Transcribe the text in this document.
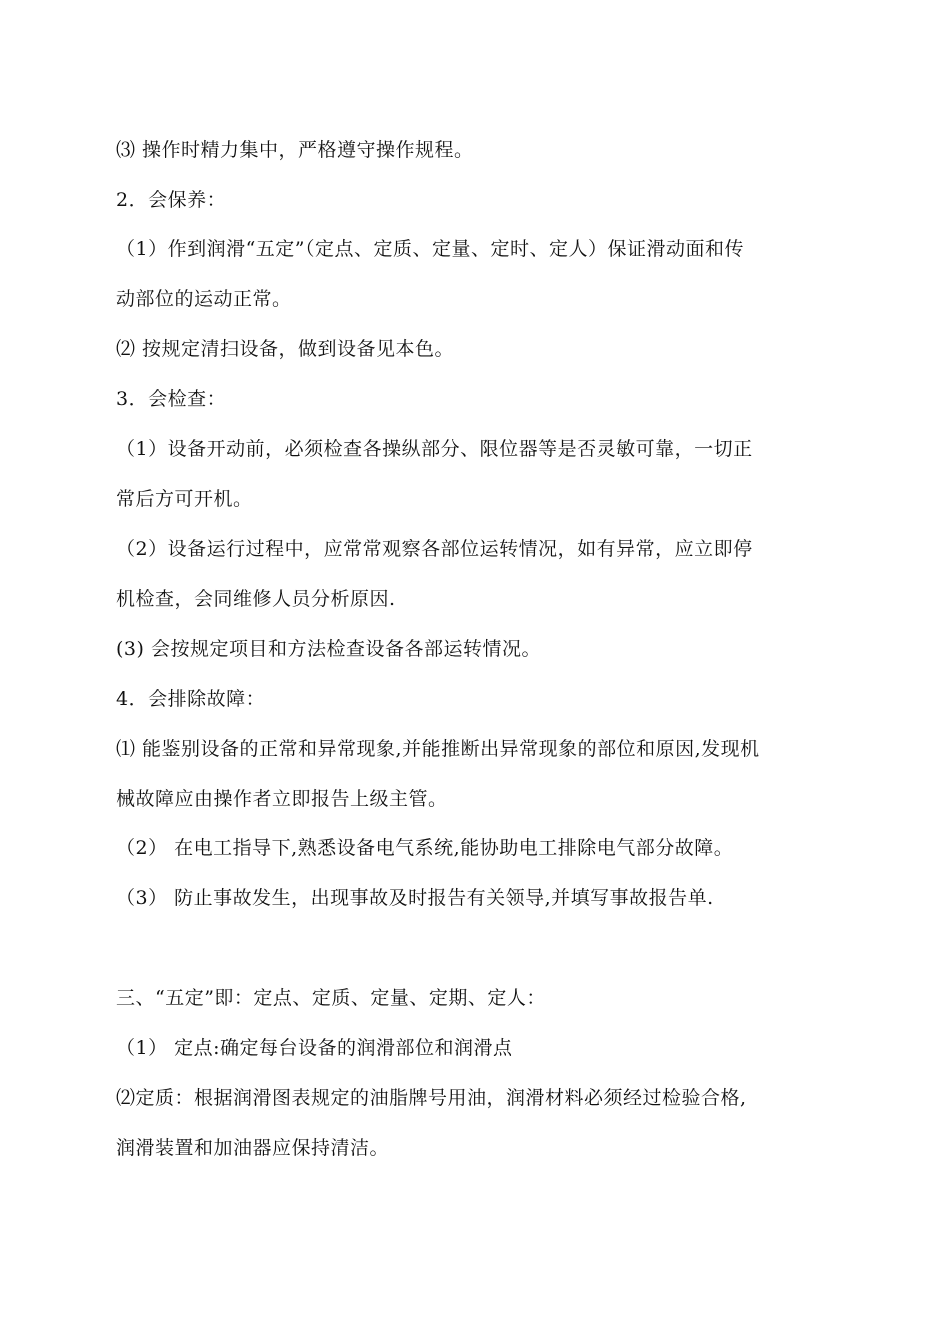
⑶ 操作时精力集中，严格遵守操作规程。
2．会保养：
（1）作到润滑“五定”（定点、定质、定量、定时、定人）保证滑动面和传
动部位的运动正常。
⑵ 按规定清扫设备，做到设备见本色。
3．会检查：
（1）设备开动前，必须检查各操纵部分、限位器等是否灵敏可靠，一切正
常后方可开机。
（2）设备运行过程中，应常常观察各部位运转情况，如有异常，应立即停
机检查，会同维修人员分析原因.
(3) 会按规定项目和方法检查设备各部运转情况。
4．会排除故障：
⑴ 能鉴别设备的正常和异常现象,并能推断出异常现象的部位和原因,发现机
械故障应由操作者立即报告上级主管。
（2） 在电工指导下,熟悉设备电气系统,能协助电工排除电气部分故障。
（3） 防止事故发生，出现事故及时报告有关领导,并填写事故报告单.
三、“五定”即：定点、定质、定量、定期、定人：
（1） 定点:确定每台设备的润滑部位和润滑点
⑵定质：根据润滑图表规定的油脂牌号用油，润滑材料必须经过检验合格,
润滑装置和加油器应保持清洁。
